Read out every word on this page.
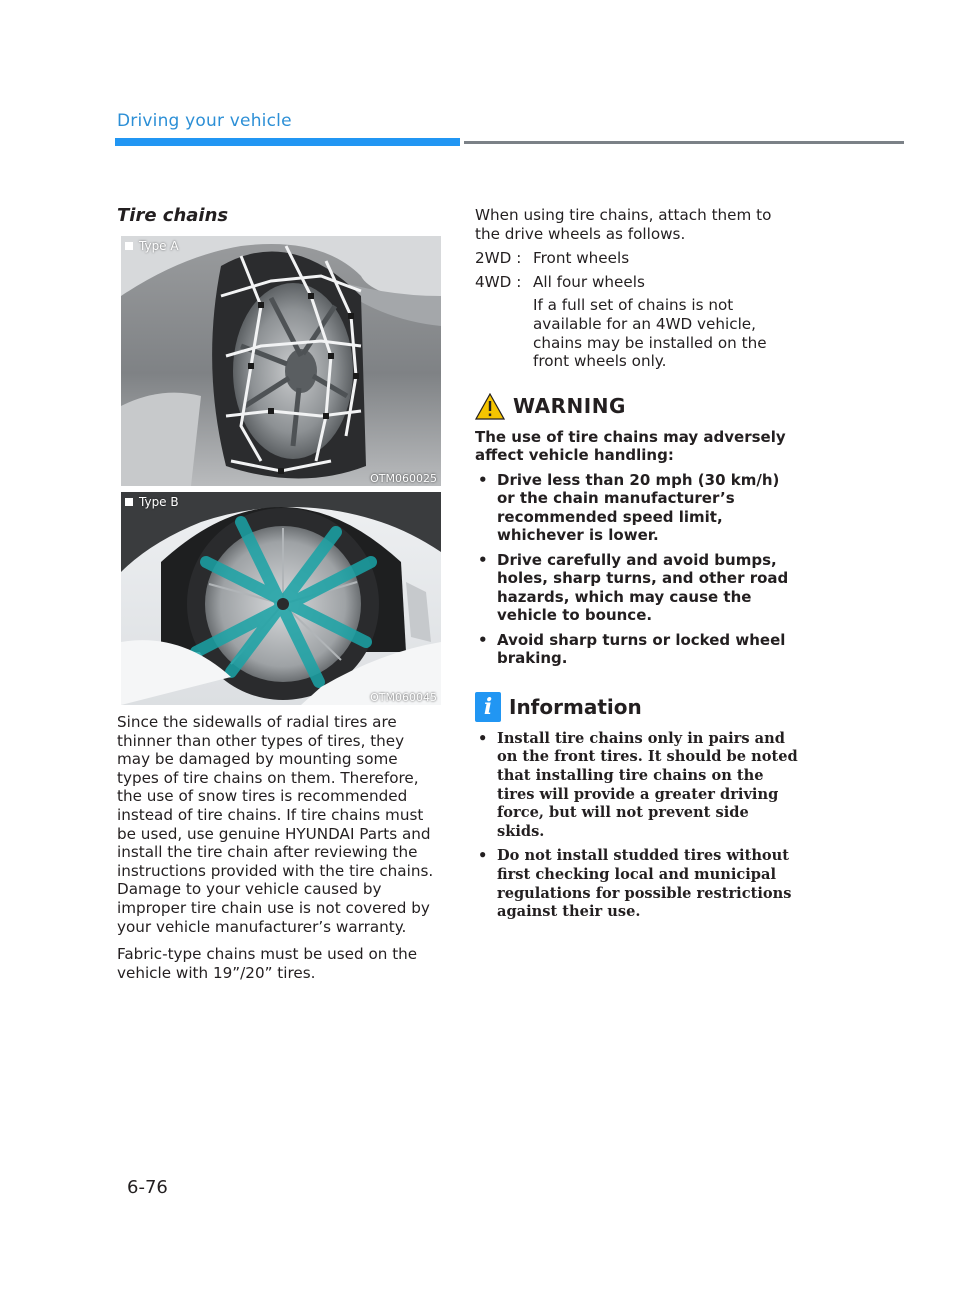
Driving your vehicle
Tire chains
Type A
OTM060025
Type B
OTM060045

Since the sidewalls of radial tires are thinner than other types of tires, they may be damaged by mounting some types of tire chains on them. Therefore, the use of snow tires is recommended instead of tire chains. If tire chains must be used, use genuine HYUNDAI Parts and install the tire chain after reviewing the instructions provided with the tire chains. Damage to your vehicle caused by improper tire chain use is not covered by your vehicle manufacturer’s warranty.

Fabric-type chains must be used on the vehicle with 19”/20” tires.

When using tire chains, attach them to the drive wheels as follows.

2WD : Front wheels
4WD : All four wheels
If a full set of chains is not available for an 4WD vehicle, chains may be installed on the front wheels only.
WARNING

The use of tire chains may adversely affect vehicle handling:

• Drive less than 20 mph (30 km/h) or the chain manufacturer’s recommended speed limit, whichever is lower.
• Drive carefully and avoid bumps, holes, sharp turns, and other road hazards, which may cause the vehicle to bounce.
• Avoid sharp turns or locked wheel braking.
i Information
• Install tire chains only in pairs and on the front tires. It should be noted that installing tire chains on the tires will provide a greater driving force, but will not prevent side skids.
• Do not install studded tires without first checking local and municipal regulations for possible restrictions against their use.
6-76
